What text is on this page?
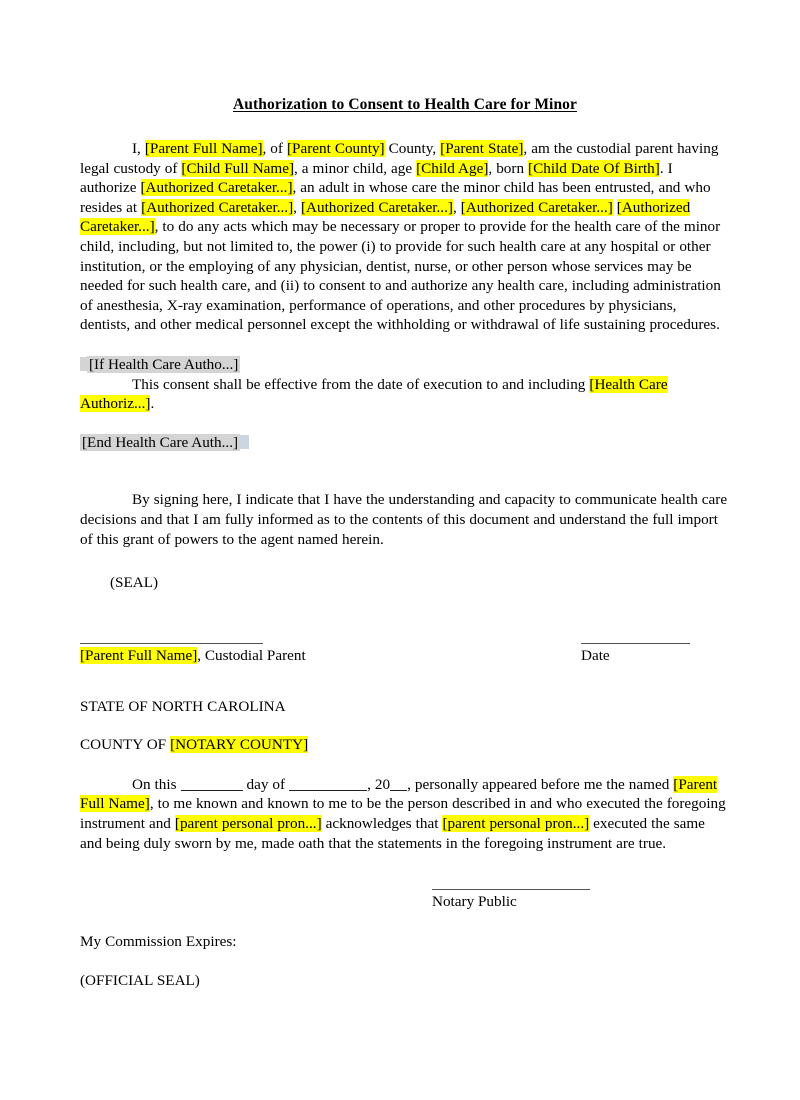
Authorization to Consent to Health Care for Minor

I, [Parent Full Name], of [Parent County] County, [Parent State], am the custodial parent having legal custody of [Child Full Name], a minor child, age [Child Age], born [Child Date Of Birth]. I authorize [Authorized Caretaker...], an adult in whose care the minor child has been entrusted, and who resides at [Authorized Caretaker...], [Authorized Caretaker...], [Authorized Caretaker...] [Authorized Caretaker...], to do any acts which may be necessary or proper to provide for the health care of the minor child, including, but not limited to, the power (i) to provide for such health care at any hospital or other institution, or the employing of any physician, dentist, nurse, or other person whose services may be needed for such health care, and (ii) to consent to and authorize any health care, including administration of anesthesia, X-ray examination, performance of operations, and other procedures by physicians, dentists, and other medical personnel except the withholding or withdrawal of life sustaining procedures.

[If Health Care Autho...]

This consent shall be effective from the date of execution to and including [Health Care Authoriz...].

[End Health Care Auth...]

By signing here, I indicate that I have the understanding and capacity to communicate health care decisions and that I am fully informed as to the contents of this document and understand the full import of this grant of powers to the agent named herein.

(SEAL)

[Parent Full Name], Custodial Parent	Date

STATE OF NORTH CAROLINA

COUNTY OF [NOTARY COUNTY]

On this	day of	, 20 , personally appeared before me the named [Parent Full Name], to me known and known to me to be the person described in and who executed the foregoing instrument and [parent personal pron...] acknowledges that [parent personal pron...] executed the same and being duly sworn by me, made oath that the statements in the foregoing instrument are true.

Notary Public

My Commission Expires:

(OFFICIAL SEAL)
